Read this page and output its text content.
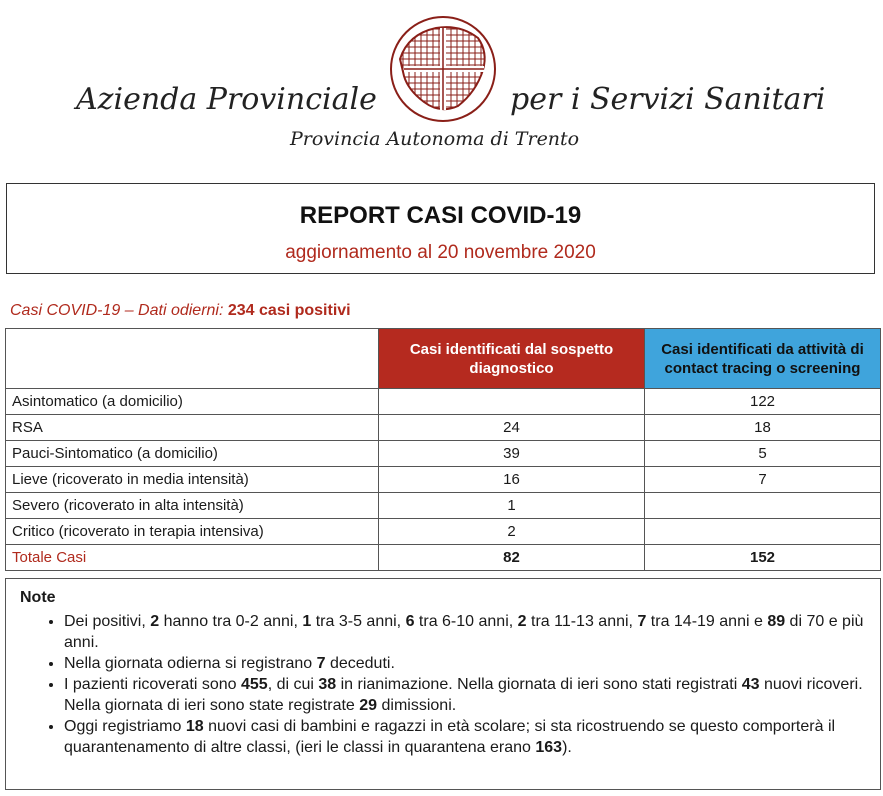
Azienda Provinciale	per i Servizi Sanitari
Provincia Autonoma di Trento
REPORT CASI COVID-19
aggiornamento al 20 novembre 2020
Casi COVID-19 – Dati odierni: 234 casi positivi
	Casi identificati dal sospetto diagnostico	Casi identificati da attività di contact tracing o screening
Asintomatico (a domicilio)		122
RSA	24	18
Pauci-Sintomatico (a domicilio)	39	5
Lieve (ricoverato in media intensità)	16	7
Severo (ricoverato in alta intensità)	1	
Critico (ricoverato in terapia intensiva)	2	
Totale Casi	82	152
Note
• Dei positivi, 2 hanno tra 0-2 anni, 1 tra 3-5 anni, 6 tra 6-10 anni, 2 tra 11-13 anni, 7 tra 14-19 anni e 89 di 70 e più anni.
• Nella giornata odierna si registrano 7 deceduti.
• I pazienti ricoverati sono 455, di cui 38 in rianimazione. Nella giornata di ieri sono stati registrati 43 nuovi ricoveri. Nella giornata di ieri sono state registrate 29 dimissioni.
• Oggi registriamo 18 nuovi casi di bambini e ragazzi in età scolare; si sta ricostruendo se questo comporterà il quarantenamento di altre classi, (ieri le classi in quarantena erano 163).
